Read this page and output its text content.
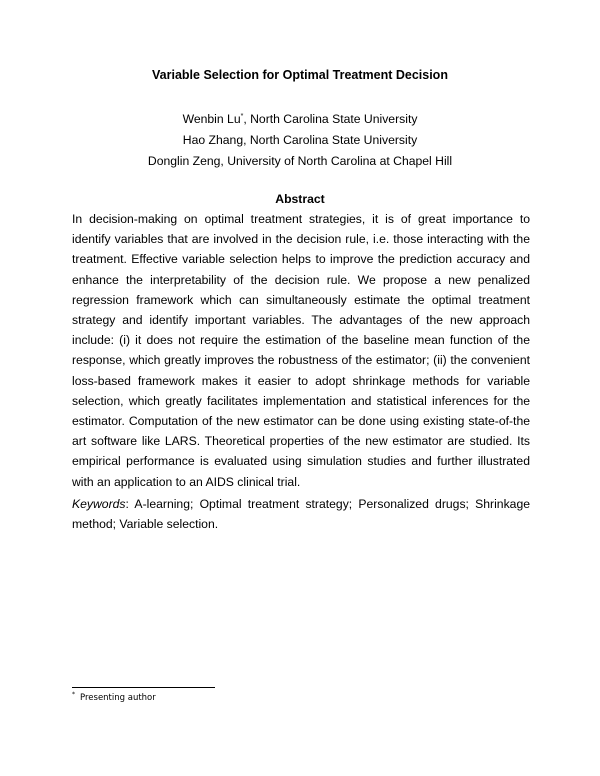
Variable Selection for Optimal Treatment Decision
Wenbin Lu*, North Carolina State University
Hao Zhang, North Carolina State University
Donglin Zeng, University of North Carolina at Chapel Hill
Abstract

In decision-making on optimal treatment strategies, it is of great importance to identify variables that are involved in the decision rule, i.e. those interacting with the treatment. Effective variable selection helps to improve the prediction accuracy and enhance the interpretability of the decision rule. We propose a new penalized regression framework which can simultaneously estimate the optimal treatment strategy and identify important variables. The advantages of the new approach include: (i) it does not require the estimation of the baseline mean function of the response, which greatly improves the robustness of the estimator; (ii) the convenient loss-based framework makes it easier to adopt shrinkage methods for variable selection, which greatly facilitates implementation and statistical inferences for the estimator. Computation of the new estimator can be done using existing state-of-the art software like LARS. Theoretical properties of the new estimator are studied. Its empirical performance is evaluated using simulation studies and further illustrated with an application to an AIDS clinical trial.

Keywords: A-learning; Optimal treatment strategy; Personalized drugs; Shrinkage method; Variable selection.

* Presenting author
